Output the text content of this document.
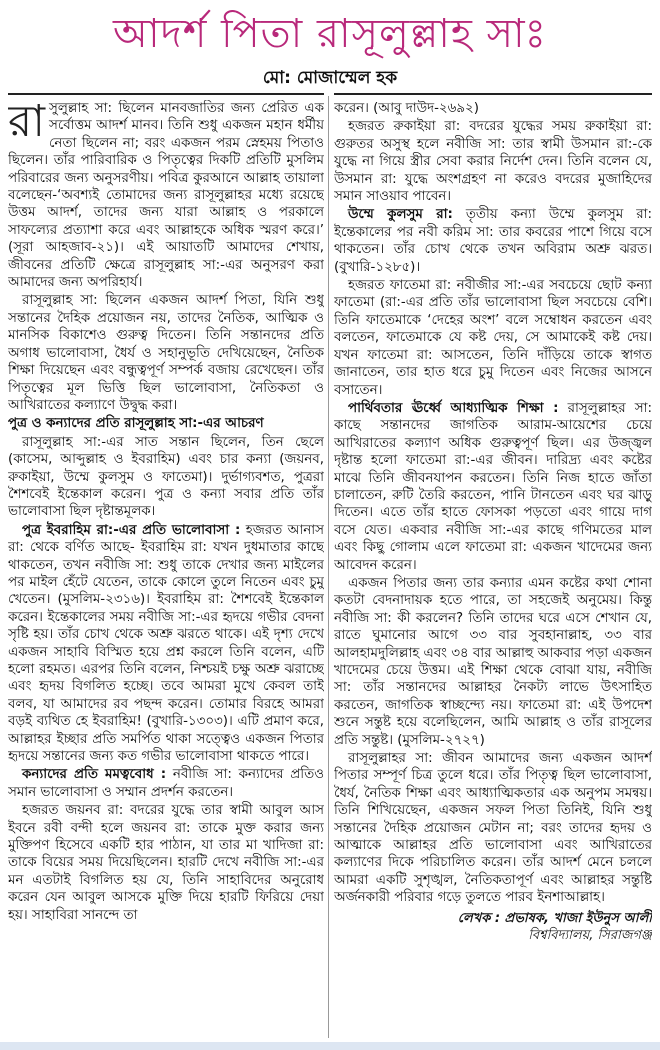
আদর্শ পিতা রাসূলুল্লাহ সাঃ
মো: মোজাম্মেল হক

রাসুলুল্লাহ সা: ছিলেন মানবজাতির জন্য প্রেরিত এক সর্বোত্তম আদর্শ মানব। তিনি শুধু একজন মহান ধর্মীয় নেতা ছিলেন না; বরং একজন পরম স্নেহময় পিতাও ছিলেন। তাঁর পারিবারিক ও পিতৃত্বের দিকটি প্রতিটি মুসলিম পরিবারের জন্য অনুসরণীয়। পবিত্র কুরআনে আল্লাহ তায়ালা বলেছেন-‘অবশ্যই তোমাদের জন্য রাসূলুল্লাহর মধ্যে রয়েছে উত্তম আদর্শ, তাদের জন্য যারা আল্লাহ ও পরকালে সাফল্যের প্রত্যাশা করে এবং আল্লাহকে অধিক স্মরণ করে।’ (সূরা আহজাব-২১)। এই আয়াতটি আমাদের শেখায়, জীবনের প্রতিটি ক্ষেত্রে রাসূলুল্লাহ সা:-এর অনুসরণ করা আমাদের জন্য অপরিহার্য।

রাসূলুল্লাহ সা: ছিলেন একজন আদর্শ পিতা, যিনি শুধু সন্তানের দৈহিক প্রয়োজন নয়, তাদের নৈতিক, আত্মিক ও মানসিক বিকাশেও গুরুত্ব দিতেন। তিনি সন্তানদের প্রতি অগাধ ভালোবাসা, ধৈর্য ও সহানুভূতি দেখিয়েছেন, নৈতিক শিক্ষা দিয়েছেন এবং বন্ধুত্বপূর্ণ সম্পর্ক বজায় রেখেছেন। তাঁর পিতৃত্বের মূল ভিত্তি ছিল ভালোবাসা, নৈতিকতা ও আখিরাতের কল্যাণে উদ্বুদ্ধ করা।

পুত্র ও কন্যাদের প্রতি রাসূলুল্লাহ সা:-এর আচরণ

রাসূলুল্লাহ সা:-এর সাত সন্তান ছিলেন, তিন ছেলে (কাসেম, আব্দুল্লাহ ও ইবরাহিম) এবং চার কন্যা (জয়নব, রুকাইয়া, উম্মে কুলসুম ও ফাতেমা)। দুর্ভাগ্যবশত, পুত্ররা শৈশবেই ইন্তেকাল করেন। পুত্র ও কন্যা সবার প্রতি তাঁর ভালোবাসা ছিল দৃষ্টান্তমূলক।

পুত্র ইবরাহিম রা:-এর প্রতি ভালোবাসা : হজরত আনাস রা: থেকে বর্ণিত আছে- ইবরাহিম রা: যখন দুধমাতার কাছে থাকতেন, তখন নবীজি সা: শুধু তাকে দেখার জন্য মাইলের পর মাইল হেঁটে যেতেন, তাকে কোলে তুলে নিতেন এবং চুমু খেতেন। (মুসলিম-২৩১৬)। ইবরাহিম রা: শৈশবেই ইন্তেকাল করেন। ইন্তেকালের সময় নবীজি সা:-এর হৃদয়ে গভীর বেদনা সৃষ্টি হয়। তাঁর চোখ থেকে অশ্রু ঝরতে থাকে। এই দৃশ্য দেখে একজন সাহাবি বিস্মিত হয়ে প্রশ্ন করলে তিনি বলেন, এটি হলো রহমত। এরপর তিনি বলেন, নিশ্চয়ই চক্ষু অশ্রু ঝরাচ্ছে এবং হৃদয় বিগলিত হচ্ছে। তবে আমরা মুখে কেবল তাই বলব, যা আমাদের রব পছন্দ করেন। তোমার বিরহে আমরা বড়ই ব্যথিত হে ইবরাহিম! (বুখারি-১৩০৩)। এটি প্রমাণ করে, আল্লাহর ইচ্ছার প্রতি সমর্পিত থাকা সত্ত্বেও একজন পিতার হৃদয়ে সন্তানের জন্য কত গভীর ভালোবাসা থাকতে পারে।

কন্যাদের প্রতি মমত্ববোধ : নবীজি সা: কন্যাদের প্রতিও সমান ভালোবাসা ও সম্মান প্রদর্শন করতেন।

হজরত জয়নব রা: বদরের যুদ্ধে তার স্বামী আবুল আস ইবনে রবী বন্দী হলে জয়নব রা: তাকে মুক্ত করার জন্য মুক্তিপণ হিসেবে একটি হার পাঠান, যা তার মা খাদিজা রা: তাকে বিয়ের সময় দিয়েছিলেন। হারটি দেখে নবীজি সা:-এর মন এতটাই বিগলিত হয় যে, তিনি সাহাবিদের অনুরোধ করেন যেন আবুল আসকে মুক্তি দিয়ে হারটি ফিরিয়ে দেয়া হয়। সাহাবিরা সানন্দে তা

করেন। (আবু দাউদ-২৬৯২)

হজরত রুকাইয়া রা: বদরের যুদ্ধের সময় রুকাইয়া রা: গুরুতর অসুস্থ হলে নবীজি সা: তার স্বামী উসমান রা:-কে যুদ্ধে না গিয়ে স্ত্রীর সেবা করার নির্দেশ দেন। তিনি বলেন যে, উসমান রা: যুদ্ধে অংশগ্রহণ না করেও বদরের মুজাহিদের সমান সাওয়াব পাবেন।

উম্মে কুলসুম রা: তৃতীয় কন্যা উম্মে কুলসুম রা: ইন্তেকালের পর নবী করিম সা: তার কবরের পাশে গিয়ে বসে থাকতেন। তাঁর চোখ থেকে তখন অবিরাম অশ্রু ঝরত। (বুখারি-১২৮৫)।

হজরত ফাতেমা রা: নবীজীর সা:-এর সবচেয়ে ছোট কন্যা ফাতেমা (রা:-এর প্রতি তাঁর ভালোবাসা ছিল সবচেয়ে বেশি। তিনি ফাতেমাকে ‘দেহের অংশ’ বলে সম্বোধন করতেন এবং বলতেন, ফাতেমাকে যে কষ্ট দেয়, সে আমাকেই কষ্ট দেয়। যখন ফাতেমা রা: আসতেন, তিনি দাঁড়িয়ে তাকে স্বাগত জানাতেন, তার হাত ধরে চুমু দিতেন এবং নিজের আসনে বসাতেন।

পার্থিবতার ঊর্ধ্বে আধ্যাত্মিক শিক্ষা : রাসূলুল্লাহর সা: কাছে সন্তানদের জাগতিক আরাম-আয়েশের চেয়ে আখিরাতের কল্যাণ অধিক গুরুত্বপূর্ণ ছিল। এর উজ্জ্বল দৃষ্টান্ত হলো ফাতেমা রা:-এর জীবন। দারিদ্র্য এবং কষ্টের মাঝে তিনি জীবনযাপন করতেন। তিনি নিজ হাতে জাঁতা চালাতেন, রুটি তৈরি করতেন, পানি টানতেন এবং ঘর ঝাড়ু দিতেন। এতে তাঁর হাতে ফোসকা পড়তো এবং গায়ে দাগ বসে যেত। একবার নবীজি সা:-এর কাছে গণিমতের মাল এবং কিছু গোলাম এলে ফাতেমা রা: একজন খাদেমের জন্য আবেদন করেন।

একজন পিতার জন্য তার কন্যার এমন কষ্টের কথা শোনা কতটা বেদনাদায়ক হতে পারে, তা সহজেই অনুমেয়। কিন্তু নবীজি সা: কী করলেন? তিনি তাদের ঘরে এসে শেখান যে, রাতে ঘুমানোর আগে ৩৩ বার সুবহানাল্লাহ, ৩৩ বার আলহামদুলিল্লাহ এবং ৩৪ বার আল্লাহু আকবার পড়া একজন খাদেমের চেয়ে উত্তম। এই শিক্ষা থেকে বোঝা যায়, নবীজি সা: তাঁর সন্তানদের আল্লাহর নৈকট্য লাভে উৎসাহিত করতেন, জাগতিক স্বাচ্ছন্দ্যে নয়। ফাতেমা রা: এই উপদেশ শুনে সন্তুষ্ট হয়ে বলেছিলেন, আমি আল্লাহ ও তাঁর রাসূলের প্রতি সন্তুষ্ট। (মুসলিম-২৭২৭)

রাসূলুল্লাহর সা: জীবন আমাদের জন্য একজন আদর্শ পিতার সম্পূর্ণ চিত্র তুলে ধরে। তাঁর পিতৃত্ব ছিল ভালোবাসা, ধৈর্য, নৈতিক শিক্ষা এবং আধ্যাত্মিকতার এক অনুপম সমন্বয়। তিনি শিখিয়েছেন, একজন সফল পিতা তিনিই, যিনি শুধু সন্তানের দৈহিক প্রয়োজন মেটান না; বরং তাদের হৃদয় ও আত্মাকে আল্লাহর প্রতি ভালোবাসা এবং আখিরাতের কল্যাণের দিকে পরিচালিত করেন। তাঁর আদর্শ মেনে চললে আমরা একটি সুশৃঙ্খল, নৈতিকতাপূর্ণ এবং আল্লাহর সন্তুষ্টি অর্জনকারী পরিবার গড়ে তুলতে পারব ইনশাআল্লাহ।

লেখক : প্রভাষক, খাজা ইউনুস আলী
বিশ্ববিদ্যালয়, সিরাজগঞ্জ
